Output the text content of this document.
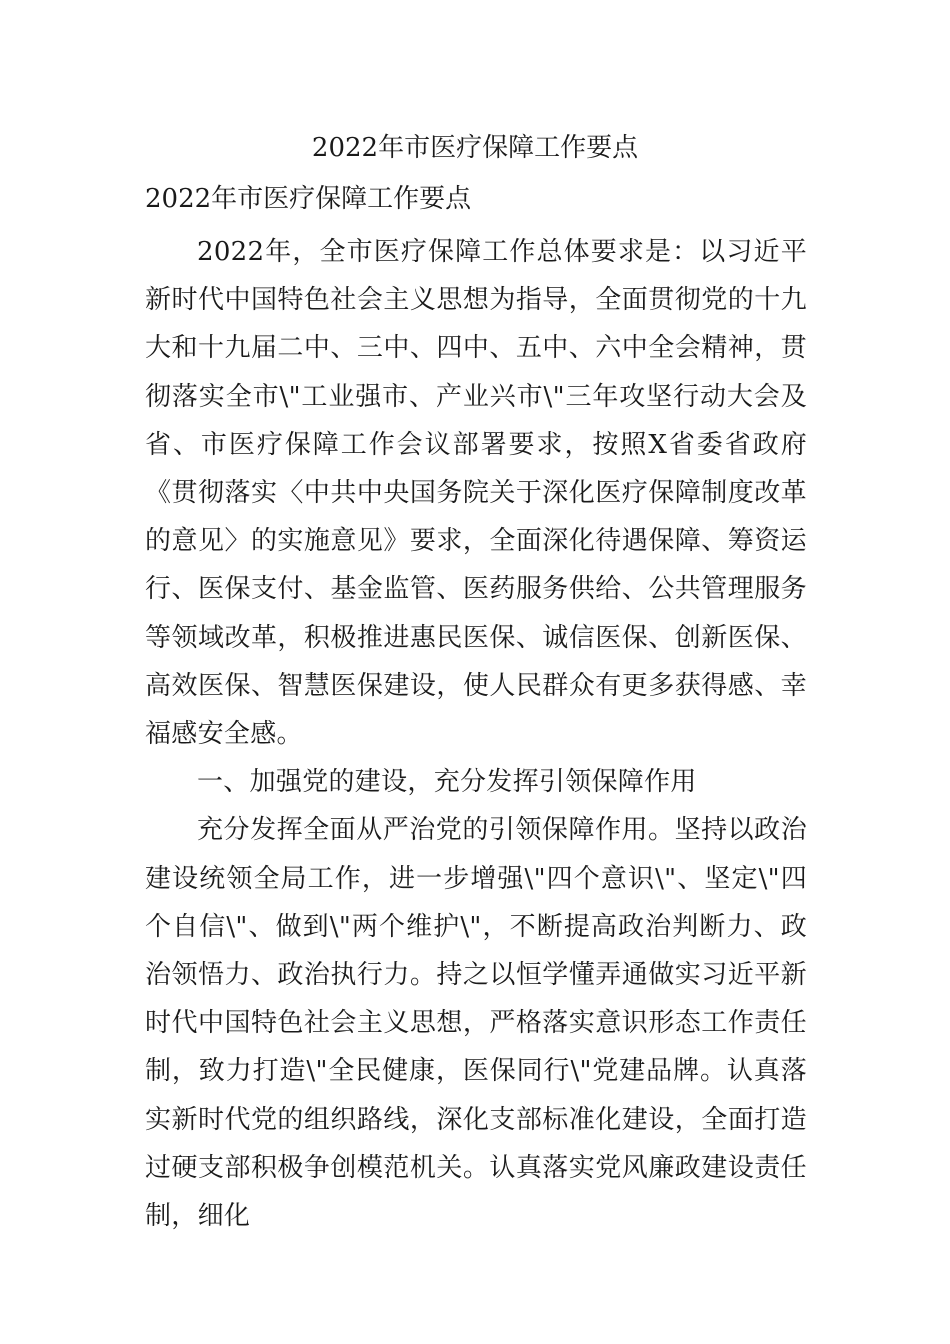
2022年市医疗保障工作要点
2022年市医疗保障工作要点

2022年，全市医疗保障工作总体要求是：以习近平新时代中国特色社会主义思想为指导，全面贯彻党的十九大和十九届二中、三中、四中、五中、六中全会精神，贯彻落实全市\"工业强市、产业兴市\"三年攻坚行动大会及省、市医疗保障工作会议部署要求，按照X省委省政府《贯彻落实〈中共中央国务院关于深化医疗保障制度改革的意见〉的实施意见》要求，全面深化待遇保障、筹资运行、医保支付、基金监管、医药服务供给、公共管理服务等领域改革，积极推进惠民医保、诚信医保、创新医保、高效医保、智慧医保建设，使人民群众有更多获得感、幸福感安全感。

一、加强党的建设，充分发挥引领保障作用

充分发挥全面从严治党的引领保障作用。坚持以政治建设统领全局工作，进一步增强\"四个意识\"、坚定\"四个自信\"、做到\"两个维护\"，不断提高政治判断力、政治领悟力、政治执行力。持之以恒学懂弄通做实习近平新时代中国特色社会主义思想，严格落实意识形态工作责任制，致力打造\"全民健康，医保同行\"党建品牌。认真落实新时代党的组织路线，深化支部标准化建设，全面打造过硬支部积极争创模范机关。认真落实党风廉政建设责任制，细化
